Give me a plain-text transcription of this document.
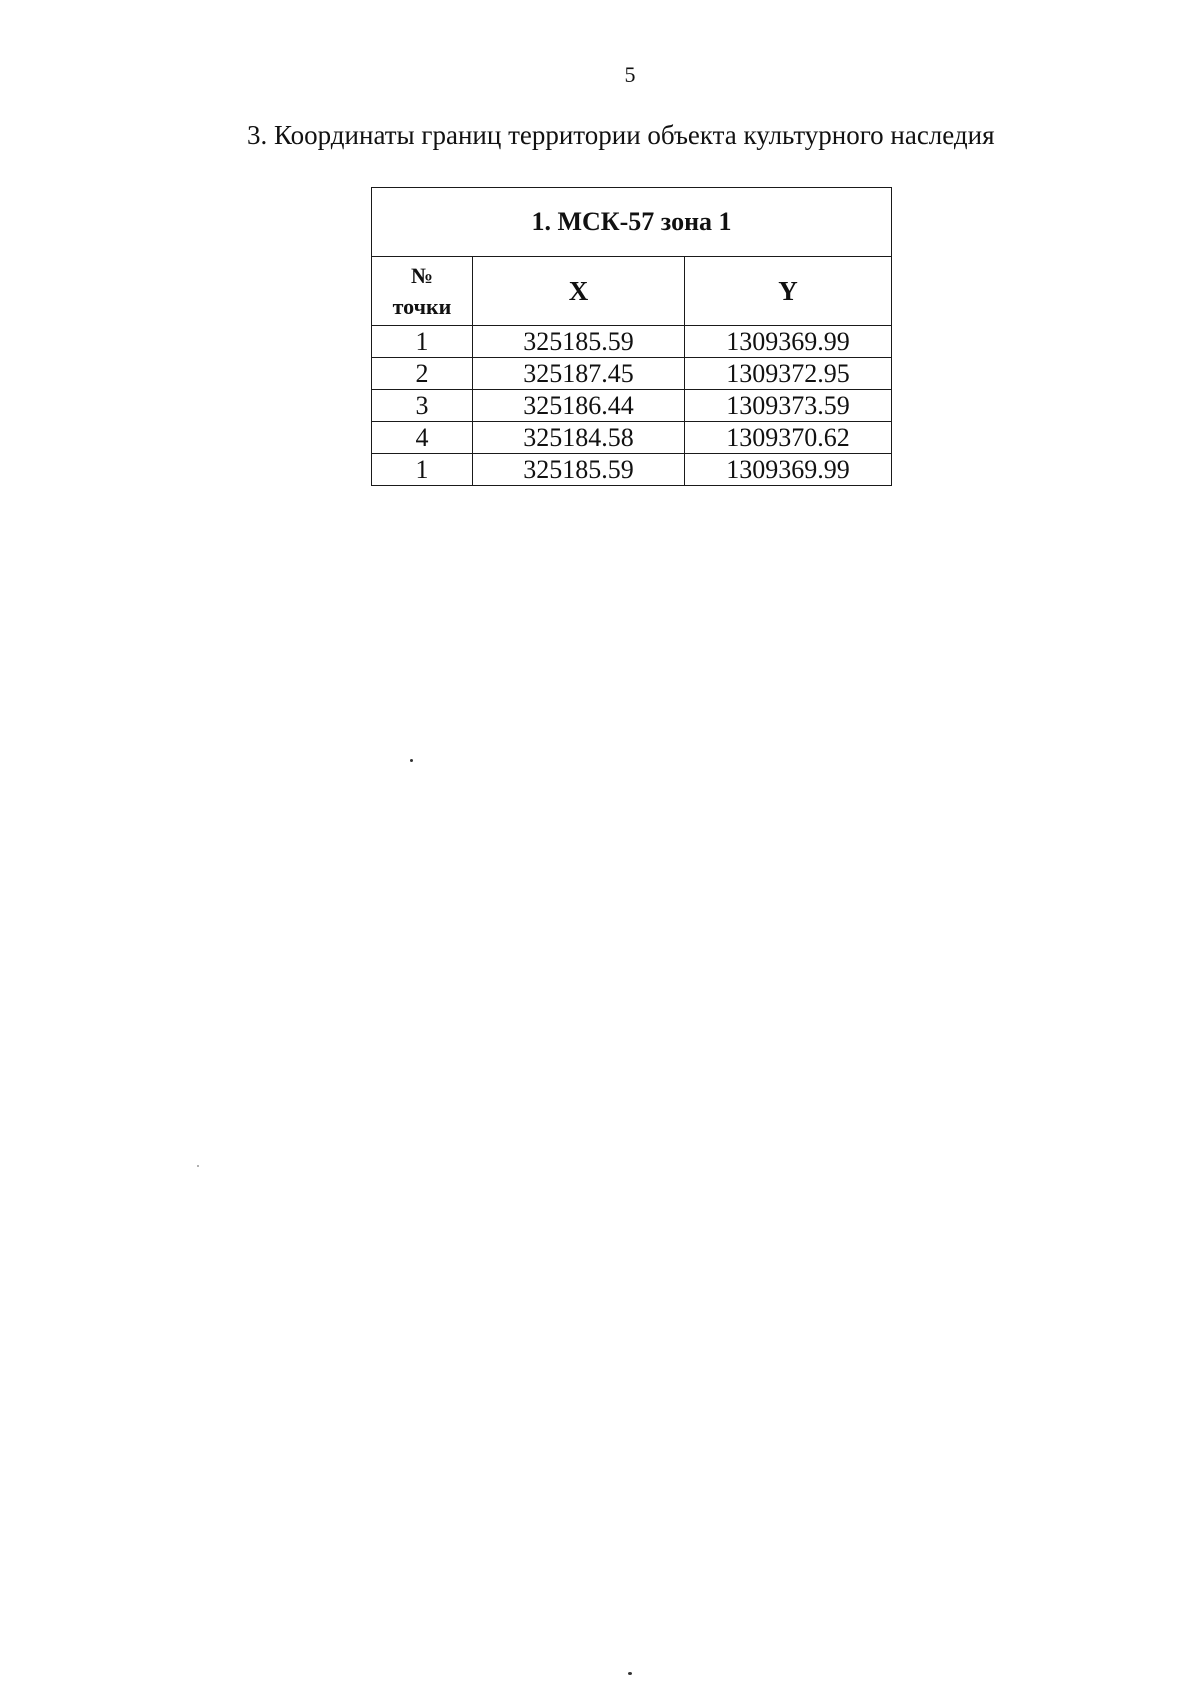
5
3. Координаты границ территории объекта культурного наследия
1. МСК-57 зона 1		

№
точки	X	Y
1	325185.59	1309369.99
2	325187.45	1309372.95
3	325186.44	1309373.59
4	325184.58	1309370.62
1	325185.59	1309369.99
